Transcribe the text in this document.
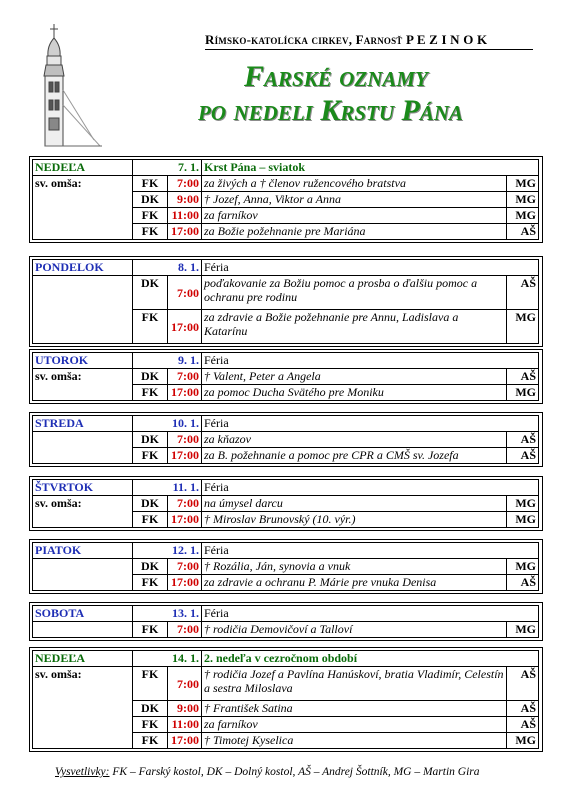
Rímsko-katolícka cirkev, Farnosť P E Z I N O K
Farské oznamy
po nedeli Krstu Pána
NEDEĽA	7. 1.		Krst Pána – sviatok	
sv. omša:	FK	7:00	za živých a † členov ružencového bratstva	MG
	DK	9:00	† Jozef, Anna, Viktor a Anna	MG
	FK	11:00	za farníkov	MG
	FK	17:00	za Božie požehnanie pre Mariána	AŠ
PONDELOK	8. 1.		Féria	
	DK	7:00	poďakovanie za Božiu pomoc a prosba o ďalšiu pomoc a ochranu pre rodinu	AŠ
	FK	17:00	za zdravie a Božie požehnanie pre Annu, Ladislava a Katarínu	MG
UTOROK	9. 1.		Féria	
sv. omša:	DK	7:00	† Valent, Peter a Angela	AŠ
	FK	17:00	za pomoc Ducha Svätého pre Moniku	MG
STREDA	10. 1.		Féria	
	DK	7:00	za kňazov	AŠ
	FK	17:00	za B. požehnanie a pomoc pre CPR a CMŠ sv. Jozefa	AŠ
ŠTVRTOK	11. 1.		Féria	
sv. omša:	DK	7:00	na úmysel darcu	MG
	FK	17:00	† Miroslav Brunovský (10. výr.)	MG
PIATOK	12. 1.		Féria	
	DK	7:00	† Rozália, Ján, synovia a vnuk	MG
	FK	17:00	za zdravie a ochranu P. Márie pre vnuka Denisa	AŠ
SOBOTA	13. 1.		Féria	
	FK	7:00	† rodičia Demovičoví a Talloví	MG
NEDEĽA	14. 1.		2. nedeľa v cezročnom období	
sv. omša:	FK	7:00	† rodičia Jozef a Pavlína Hanúskoví, bratia Vladimír, Celestín a sestra Miloslava	AŠ
	DK	9:00	† František Satina	AŠ
	FK	11:00	za farníkov	AŠ
	FK	17:00	† Timotej Kyselica	MG
Vysvetlivky: FK – Farský kostol, DK – Dolný kostol, AŠ – Andrej Šottník, MG – Martin Gira
